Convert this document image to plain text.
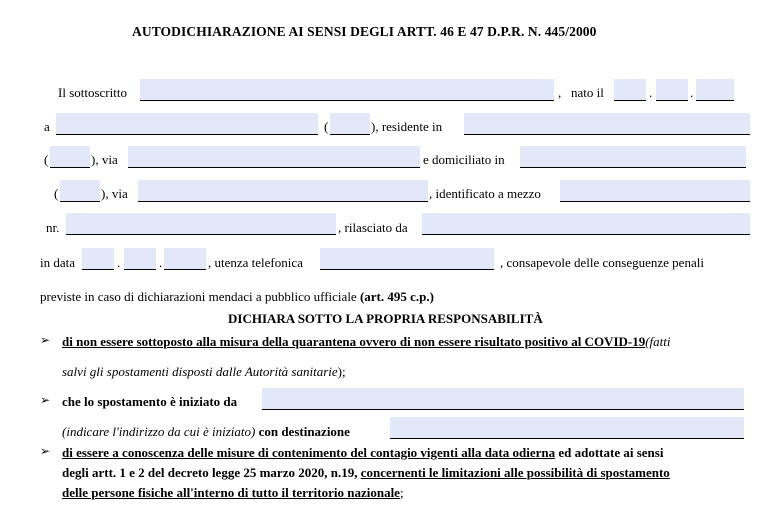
AUTODICHIARAZIONE AI SENSI DEGLI ARTT. 46 E 47 D.P.R. N. 445/2000
Il sottoscritto	, nato il	.	.
a	(	), residente in
(	), via	e domiciliato in
(	), via	, identificato a mezzo
nr.	, rilasciato da
in data	.	.	, utenza telefonica	, consapevole delle conseguenze penali
previste in caso di dichiarazioni mendaci a pubblico ufficiale (art. 495 c.p.)
DICHIARA SOTTO LA PROPRIA RESPONSABILITÀ
➢ di non essere sottoposto alla misura della quarantena ovvero di non essere risultato positivo al COVID-19(fatti
salvi gli spostamenti disposti dalle Autorità sanitarie);
➢ che lo spostamento è iniziato da
(indicare l'indirizzo da cui è iniziato) con destinazione
➢ di essere a conoscenza delle misure di contenimento del contagio vigenti alla data odierna ed adottate ai sensi
degli artt. 1 e 2 del decreto legge 25 marzo 2020, n.19, concernenti le limitazioni alle possibilità di spostamento
delle persone fisiche all'interno di tutto il territorio nazionale;
